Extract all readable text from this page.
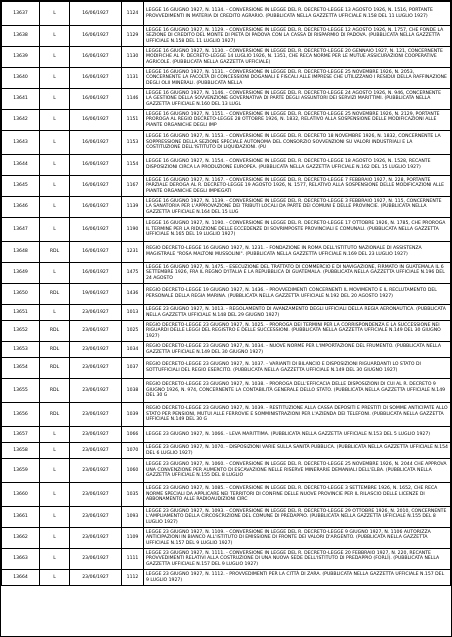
13637	L	16/06/1927	1124	LEGGE 16 GIUGNO 1927, N. 1134. - CONVERSIONE IN LEGGE DEL R. DECRETO-LEGGE 13 AGOSTO 1926, N. 1516, PORTANTE PROVVEDIMENTI IN MATERIA DI CREDITO AGRARIO. (PUBBLICATA NELLA GAZZETTA UFFICIALE N.158 DEL 11 LUGLIO 1927)
13638	L	16/06/1927	1129	LEGGE 16 GIUGNO 1927, N. 1129. - CONVERSIONE IN LEGGE DEL R. DECRETO-LEGGE 12 AGOSTO 1926, N. 1757, CHE FONDE LA SEZIONE DI CREDITO DEL MONTE DI PIETÀ DI PADOVA CON LA CASSA DI RISPARMIO DI PADOVA. (PUBBLICATA NELLA GAZZETTA UFFICIALE N.158 DEL 11 LUGLIO 1927)
13639	L	16/06/1927	1130	LEGGE 16 GIUGNO 1927, N. 1130. - CONVERSIONE IN LEGGE DEL R. DECRETO-LEGGE 20 GENNAIO 1927, N. 121, CONCERNENTE MODIFICHE AL R. DECRETO-LEGGE 14 LUGLIO 1926, N. 1351, CHE RECA NORME PER LE MUTUE ASSICURAZIONI COOPERATIVE AGRICOLE. (PUBBLICATA NELLA GAZZETTA UFFICIALE)
13640	L	16/06/1927	1131	LEGGE 16 GIUGNO 1927, N. 1131. - CONVERSIONE IN LEGGE DEL R. DECRETO-LEGGE 25 NOVEMBRE 1926, N. 2053, CONCERNENTE LA FACOLTÀ DI CONCESSIONI DOGANALI E FISCALI ALLE IMPRESE CHE UTILIZZANO I RESIDUI DELLA RAFFINAZIONE DEGLI OLII MINERALI. (PUBBLICATA NELLA
13641	L	16/06/1927	1146	LEGGE 16 GIUGNO 1927, N. 1146. - CONVERSIONE IN LEGGE DEL R. DECRETO-LEGGE 24 AGOSTO 1926, N. 946, CONCERNENTE LA GESTIONE DELLA SOVVENZIONE GOVERNATIVA DI PARTE DEGLI ASSUNTORI DEI SERVIZI MARITTIMI. (PUBBLICATA NELLA GAZZETTA UFFICIALE N.160 DEL 13 LUGL
13642	L	16/06/1927	1151	LEGGE 16 GIUGNO 1927, N. 1151. - CONVERSIONE IN LEGGE DEL R. DECRETO-LEGGE 25 NOVEMBRE 1926, N. 2129, PORTANTE PROROGA AL REGIO DECRETO-LEGGE 28 OTTOBRE 1926, N. 1832, RELATIVO ALLA SOSPENSIONE DELLE MODIFICAZIONI ALLE PIANTE ORGANICHE DEGLI IMP
13643	L	16/06/1927	1153	LEGGE 16 GIUGNO 1927, N. 1153. - CONVERSIONE IN LEGGE DEL R. DECRETO 18 NOVEMBRE 1926, N. 1832, CONCERNENTE LA SOPPRESSIONE DELLA SEZIONE SPECIALE AUTONOMA DEL CONSORZIO SOVVENZIONI SU VALORI INDUSTRIALI E LA COSTITUZIONE DELL'ISTITUTO DI LIQUIDAZIONI. (PU
13644	L	16/06/1927	1154	LEGGE 16 GIUGNO 1927, N. 1154. - CONVERSIONE IN LEGGE DEL R. DECRETO-LEGGE 18 AGOSTO 1926, N. 1528, RECANTE DISPOSIZIONI CIRCA LA PRODUZIONE EUROPEA. (PUBBLICATA NELLA GAZZETTA UFFICIALE N.162 DEL 15 LUGLIO 1927)
13645	L	16/06/1927	1167	LEGGE 16 GIUGNO 1927, N. 1167. - CONVERSIONE IN LEGGE DEL R. DECRETO-LEGGE 7 FEBBRAIO 1927, N. 228, PORTANTE PARZIALE DEROGA AL R. DECRETO-LEGGE 19 AGOSTO 1926, N. 1577, RELATIVO ALLA SOSPENSIONE DELLE MODIFICAZIONI ALLE PIANTE ORGANICHE DEGLI IMPIEGATI
13646	L	16/06/1927	1139	LEGGE 16 GIUGNO 1927, N. 1139. - CONVERSIONE IN LEGGE DEL R. DECRETO-LEGGE 3 FEBBRAIO 1927, N. 115, CONCERNENTE LA SANATORIA PER L'APPROVAZIONE DEI TRIBUTI LOCALI DA PARTE DEI COMUNI E DELLE PROVINCIE. (PUBBLICATA NELLA GAZZETTA UFFICIALE N.164 DEL 15 LUG
13647	L	16/06/1927	1190	LEGGE 16 GIUGNO 1927, N. 1190. - CONVERSIONE IN LEGGE DEL R. DECRETO-LEGGE 17 OTTOBRE 1926, N. 1785, CHE PROROGA IL TERMINE PER LA RIDUZIONE DELLE ECCEDENZE DI SOVRIMPOSTE PROVINCIALI E COMUNALI. (PUBBLICATA NELLA GAZZETTA UFFICIALE N.165 DEL 19 LUGLIO 1927)
13648	RDL	16/06/1927	1231	REGIO DECRETO-LEGGE 16 GIUGNO 1927, N. 1231. - FONDAZIONE IN ROMA DELL'ISTITUTO NAZIONALE DI ASSISTENZA MAGISTRALE "ROSA MALTONI MUSSOLINI". (PUBBLICATA NELLA GAZZETTA UFFICIALE N.169 DEL 23 LUGLIO 1927)
13649	L	16/06/1927	1475	LEGGE 16 GIUGNO 1927, N. 1475. - ESECUZIONE DEL TRATTATO DI COMMERCIO E DI NAVIGAZIONE, FIRMATO IN GUATEMALA IL 6 SETTEMBRE 1926, FRA IL REGNO D'ITALIA E LA REPUBBLICA DI GUATEMALA. (PUBBLICATA NELLA GAZZETTA UFFICIALE N.196 DEL 24 AGOSTO
13650	RDL	19/06/1927	1436	REGIO DECRETO-LEGGE 19 GIUGNO 1927, N. 1436. - PROVVEDIMENTI CONCERNENTI IL MOVIMENTO E IL RECLUTAMENTO DEL PERSONALE DELLA REGIA MARINA. (PUBBLICATA NELLA GAZZETTA UFFICIALE N.192 DEL 20 AGOSTO 1927)
13651	L	23/06/1927	1013	LEGGE 23 GIUGNO 1927, N. 1013. - REGOLAMENTO DI AVANZAMENTO DEGLI UFFICIALI DELLA REGIA AERONAUTICA. (PUBBLICATA NELLA GAZZETTA UFFICIALE N.148 DEL 29 GIUGNO 1927)
13652	RDL	23/06/1927	1025	REGIO DECRETO-LEGGE 23 GIUGNO 1927, N. 1025. - PROROGA DEI TERMINI PER LA CORRISPONDENZA E LA SUCCESSIONE NEI RIGUARDI DELLE LEGGI DEL REGISTRO E DELLE SUCCESSIONI. (PUBBLICATA NELLA GAZZETTA UFFICIALE N.149 DEL 30 GIUGNO 1927)
13653	RDL	23/06/1927	1034	REGIO DECRETO-LEGGE 23 GIUGNO 1927, N. 1034. - NUOVE NORME PER L'IMPORTAZIONE DEL FRUMENTO. (PUBBLICATA NELLA GAZZETTA UFFICIALE N.149 DEL 30 GIUGNO 1927)
13654	RDL	23/06/1927	1037	REGIO DECRETO-LEGGE 23 GIUGNO 1927, N. 1037. - VARIANTI DI BILANCIO E DISPOSIZIONI RIGUARDANTI LO STATO DI SOTTUFFICIALI DEL REGIO ESERCITO. (PUBBLICATA NELLA GAZZETTA UFFICIALE N.149 DEL 30 GIUGNO 1927)
13655	RDL	23/06/1927	1038	REGIO DECRETO-LEGGE 23 GIUGNO 1927, N. 1038. - PROROGA DELL'EFFICACIA DELLE DISPOSIZIONI DI CUI AL R. DECRETO 9 GIUGNO 1926, N. 974, CONCERNENTE LA CONTABILITÀ GENERALE DELLO STATO. (PUBBLICATA NELLA GAZZETTA UFFICIALE N.149 DEL 30 G
13656	RDL	23/06/1927	1039	REGIO DECRETO-LEGGE 23 GIUGNO 1927, N. 1039. - RESTITUZIONE ALLA CASSA DEPOSITI E PRESTITI DI SOMME ANTICIPATE ALLO STATO PER PENSIONI, MUTUI ALLE FERROVIE E SOMMINISTRAZIONI PER L'AZIENDA DEI TELEFONI. (PUBBLICATA NELLA GAZZETTA UFFICIALE N.149 DEL 30 G
13657	L	23/06/1927	1066	LEGGE 23 GIUGNO 1927, N. 1066. - LEVA MARITTIMA. (PUBBLICATA NELLA GAZZETTA UFFICIALE N.153 DEL 5 LUGLIO 1927)
13658	L	23/06/1927	1070	LEGGE 23 GIUGNO 1927, N. 1070. - DISPOSIZIONI VARIE SULLA SANITÀ PUBBLICA. (PUBBLICATA NELLA GAZZETTA UFFICIALE N.154 DEL 6 LUGLIO 1927)
13659	L	23/06/1927	1060	LEGGE 23 GIUGNO 1927, N. 1060. - CONVERSIONE IN LEGGE DEL R. DECRETO-LEGGE 25 NOVEMBRE 1926, N. 2044 CHE APPROVA UNA CONVENZIONE PER AUMENTO DI ESCAVAZIONE NELLE RISERVE MINERARIE DEMANIALI DELL'ELBA. (PUBBLICATA NELLA GAZZETTA UFFICIALE N.155 DEL 8 LUGLIO
13660	L	23/06/1927	1035	LEGGE 23 GIUGNO 1927, N. 1085. - CONVERSIONE IN LEGGE DEL R. DECRETO-LEGGE 3 SETTEMBRE 1926, N. 1652, CHE RECA NORME SPECIALI DA APPLICARE NEI TERRITORI DI CONFINE DELLE NUOVE PROVINCIE PER IL RILASCIO DELLE LICENZE DI ABBONAMENTO ALLE RADIOAUDIZIONI CIRC
13661	L	23/06/1927	1093	LEGGE 23 GIUGNO 1927, N. 1093. - CONVERSIONE IN LEGGE DEL R. DECRETO-LEGGE 29 OTTOBRE 1926, N. 2010, CONCERNENTE L'AMPLIAMENTO DELLA CIRCOSCRIZIONE DEL COMUNE DI PREDAPPIO. (PUBBLICATA NELLA GAZZETTA UFFICIALE N.155 DEL 8 LUGLIO 1927)
13662	L	23/06/1927	1109	LEGGE 23 GIUGNO 1927, N. 1109. - CONVERSIONE IN LEGGE DEL R. DECRETO-LEGGE 9 GIUGNO 1927, N. 1106 AUTORIZZA ANTICIPAZIONI IN BIANCO ALL'ISTITUTO DI EMISSIONE DI FRONTE DEI VALORI D'ARGENTO. (PUBBLICATA NELLA GAZZETTA UFFICIALE N.157 DEL 9 LUGLIO 1927)
13663	L	23/06/1927	1111	LEGGE 23 GIUGNO 1927, N. 1111. - CONVERSIONE IN LEGGE DEL R. DECRETO-LEGGE 20 FEBBRAIO 1927, N. 220, RECANTE PROVVEDIMENTI RELATIVI ALLA COSTRUZIONE DI UNA NUOVA SEDE DELL'ISTITUTO DI PREDAPPIO (FORLÌ). (PUBBLICATA NELLA GAZZETTA UFFICIALE N.157 DEL 9 LUGLIO 1927)
13664	L	23/06/1927	1112	LEGGE 23 GIUGNO 1927, N. 1112. - PROVVEDIMENTI PER LA CITTÀ DI ZARA. (PUBBLICATA NELLA GAZZETTA UFFICIALE N.157 DEL 9 LUGLIO 1927)
